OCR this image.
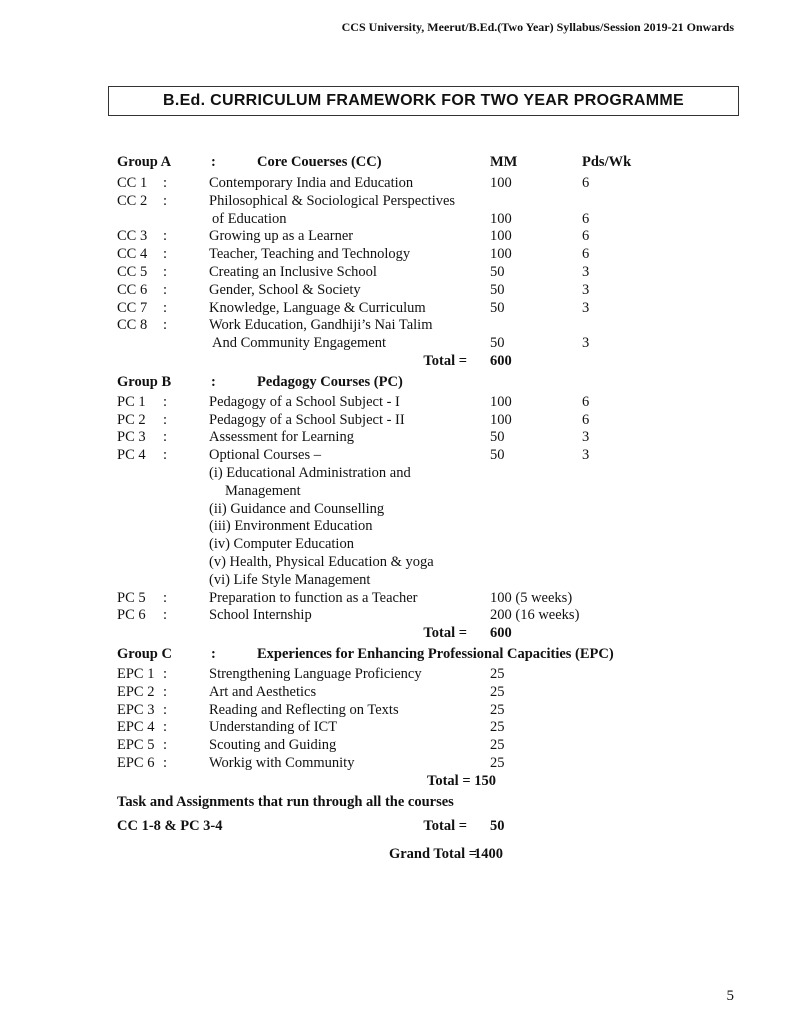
CCS University, Meerut/B.Ed.(Two Year) Syllabus/Session 2019-21 Onwards
B.Ed. CURRICULUM FRAMEWORK FOR TWO YEAR PROGRAMME
Group A	:	Core Couerses (CC)	MM	Pds/Wk
CC 1 :	Contemporary India and Education	100	6
CC 2 :	Philosophical & Sociological Perspectives
of Education	100	6
CC 3 :	Growing up as a Learner	100	6
CC 4 :	Teacher, Teaching and Technology	100	6
CC 5 :	Creating an Inclusive School	50	3
CC 6 :	Gender, School & Society	50	3
CC 7 :	Knowledge, Language & Curriculum	50	3
CC 8 :	Work Education, Gandhiji’s Nai Talim
And Community Engagement	50	3
Total = 600
Group B	:	Pedagogy Courses (PC)
PC 1 :	Pedagogy of a School Subject - I	100	6
PC 2 :	Pedagogy of a School Subject - II	100	6
PC 3 :	Assessment for Learning	50	3
PC 4 :	Optional Courses –	50	3
(i) Educational Administration and
Management
(ii) Guidance and Counselling
(iii) Environment Education
(iv) Computer Education
(v) Health, Physical Education & yoga
(vi) Life Style Management
PC 5 :	Preparation to function as a Teacher	100 (5 weeks)
PC 6 :	School Internship	200 (16 weeks)
Total = 600
Group C	:	Experiences for Enhancing Professional Capacities (EPC)
EPC 1 :	Strengthening Language Proficiency	25
EPC 2 :	Art and Aesthetics	25
EPC 3 :	Reading and Reflecting on Texts	25
EPC 4 :	Understanding of ICT	25
EPC 5 :	Scouting and Guiding	25
EPC 6 :	Workig with Community	25
Total = 150
Task and Assignments that run through all the courses
CC 1-8 & PC 3-4	Total = 50
Grand Total =
1400
5
